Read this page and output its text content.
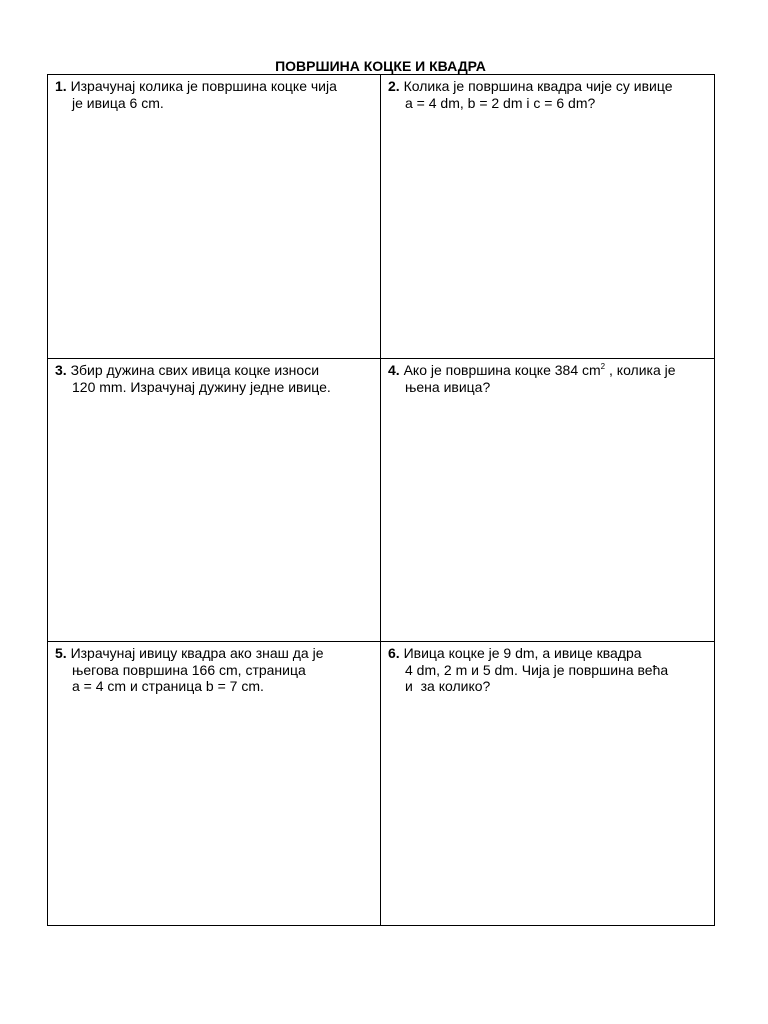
ПОВРШИНА КОЦКЕ И КВАДРА

1. Израчунај колика је површина коцке чија
је ивица 6 cm.

2. Колика је површина квадра чије су ивице
a = 4 dm, b = 2 dm i c = 6 dm?

3. Збир дужина свих ивица коцке износи
120 mm. Израчунај дужину једне ивице.

4. Ако је површина коцке 384 $cm^2$ , колика је
њена ивица?

5. Израчунај ивицу квадра ако знаш да је
његова површина 166 cm, страница
a = 4 cm и страница b = 7 cm.

6. Ивица коцке је 9 dm, а ивице квадра
4 dm, 2 m и 5 dm. Чија је површина већа
и  за колико?
